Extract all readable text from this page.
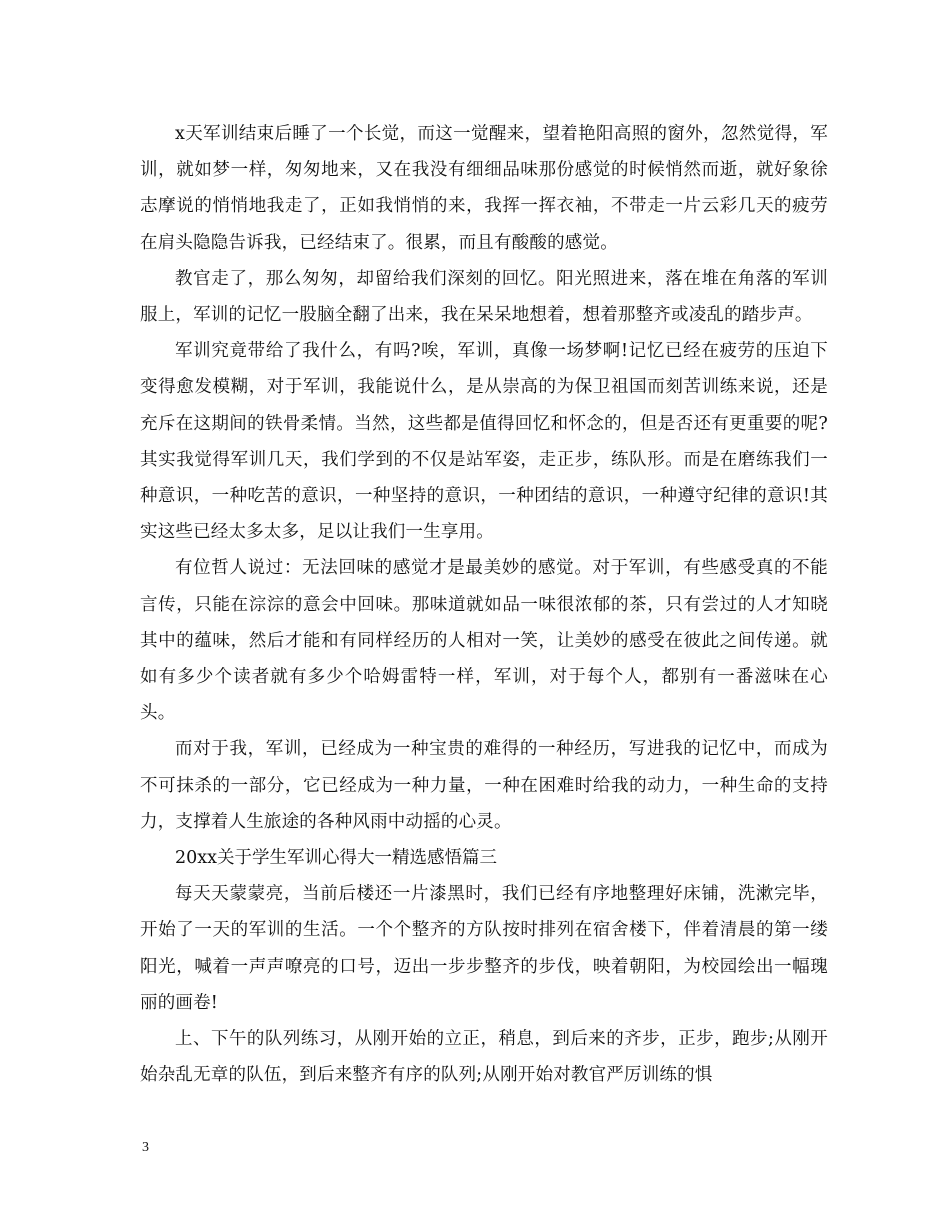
x天军训结束后睡了一个长觉，而这一觉醒来，望着艳阳高照的窗外，忽然觉得，军训，就如梦一样，匆匆地来，又在我没有细细品味那份感觉的时候悄然而逝，就好象徐志摩说的悄悄地我走了，正如我悄悄的来，我挥一挥衣袖，不带走一片云彩几天的疲劳在肩头隐隐告诉我，已经结束了。很累，而且有酸酸的感觉。

教官走了，那么匆匆，却留给我们深刻的回忆。阳光照进来，落在堆在角落的军训服上，军训的记忆一股脑全翻了出来，我在呆呆地想着，想着那整齐或凌乱的踏步声。

军训究竟带给了我什么，有吗?唉，军训，真像一场梦啊!记忆已经在疲劳的压迫下变得愈发模糊，对于军训，我能说什么，是从崇高的为保卫祖国而刻苦训练来说，还是充斥在这期间的铁骨柔情。当然，这些都是值得回忆和怀念的，但是否还有更重要的呢?其实我觉得军训几天，我们学到的不仅是站军姿，走正步，练队形。而是在磨练我们一种意识，一种吃苦的意识，一种坚持的意识，一种团结的意识，一种遵守纪律的意识!其实这些已经太多太多，足以让我们一生享用。

有位哲人说过：无法回味的感觉才是最美妙的感觉。对于军训，有些感受真的不能言传，只能在淙淙的意会中回味。那味道就如品一味很浓郁的茶，只有尝过的人才知晓其中的蕴味，然后才能和有同样经历的人相对一笑，让美妙的感受在彼此之间传递。就如有多少个读者就有多少个哈姆雷特一样，军训，对于每个人，都别有一番滋味在心头。

而对于我，军训，已经成为一种宝贵的难得的一种经历，写进我的记忆中，而成为不可抹杀的一部分，它已经成为一种力量，一种在困难时给我的动力，一种生命的支持力，支撑着人生旅途的各种风雨中动摇的心灵。

20xx关于学生军训心得大一精选感悟篇三

每天天蒙蒙亮，当前后楼还一片漆黑时，我们已经有序地整理好床铺，洗漱完毕，开始了一天的军训的生活。一个个整齐的方队按时排列在宿舍楼下，伴着清晨的第一缕阳光，喊着一声声嘹亮的口号，迈出一步步整齐的步伐，映着朝阳，为校园绘出一幅瑰丽的画卷!

上、下午的队列练习，从刚开始的立正，稍息，到后来的齐步，正步，跑步;从刚开始杂乱无章的队伍，到后来整齐有序的队列;从刚开始对教官严厉训练的惧

3
